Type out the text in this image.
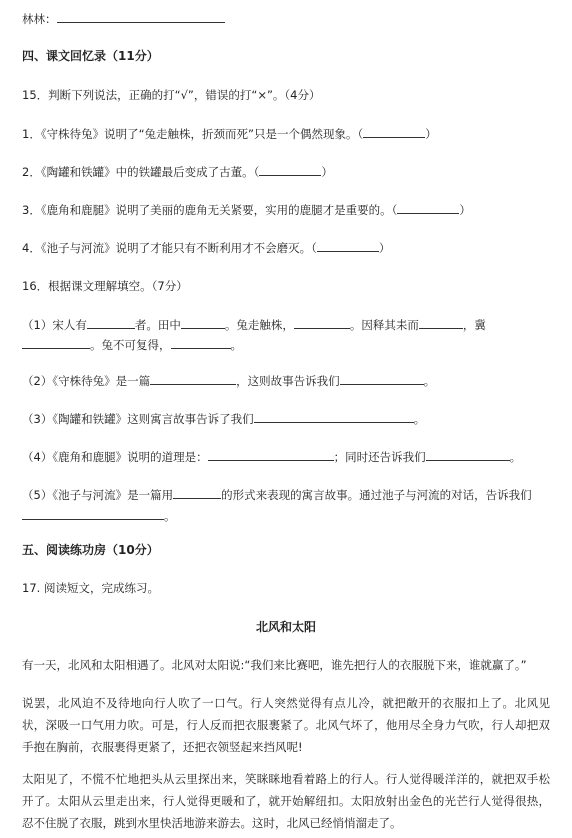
林林：
四、课文回忆录（11分）
15．判断下列说法，正确的打“√”，错误的打“×”。（4分）
1．《守株待兔》说明了“兔走触株，折颈而死”只是一个偶然现象。（	）
2．《陶罐和铁罐》中的铁罐最后变成了古董。（	）
3．《鹿角和鹿腿》说明了美丽的鹿角无关紧要，实用的鹿腿才是重要的。（	）
4．《池子与河流》说明了才能只有不断利用才不会磨灭。（	）
16．根据课文理解填空。（7分）
（1）宋人有	者。田中	。兔走触株，	。因释其耒而	，冀
。兔不可复得，	。
（2）《守株待兔》是一篇	，这则故事告诉我们	。
（3）《陶罐和铁罐》这则寓言故事告诉了我们	。
（4）《鹿角和鹿腿》说明的道理是：	；同时还告诉我们	。
（5）《池子与河流》是一篇用	的形式来表现的寓言故事。通过池子与河流的对话，告诉我们
。
五、阅读练功房（10分）
17. 阅读短文，完成练习。
北风和太阳
有一天，北风和太阳相遇了。北风对太阳说:“我们来比赛吧，谁先把行人的衣服脱下来，谁就赢了。”
说罢，北风迫不及待地向行人吹了一口气。行人突然觉得有点儿冷，就把敞开的衣服扣上了。北风见状，深吸一口气用力吹。可是，行人反而把衣服裹紧了。北风气坏了，他用尽全身力气吹，行人却把双手抱在胸前，衣服裹得更紧了，还把衣领竖起来挡风呢!
太阳见了，不慌不忙地把头从云里探出来，笑眯眯地看着路上的行人。行人觉得暖洋洋的，就把双手松开了。太阳从云里走出来，行人觉得更暖和了，就开始解纽扣。太阳放射出金色的光芒行人觉得很热，忍不住脱了衣服，跳到水里快活地游来游去。这时，北风已经悄悄溜走了。
